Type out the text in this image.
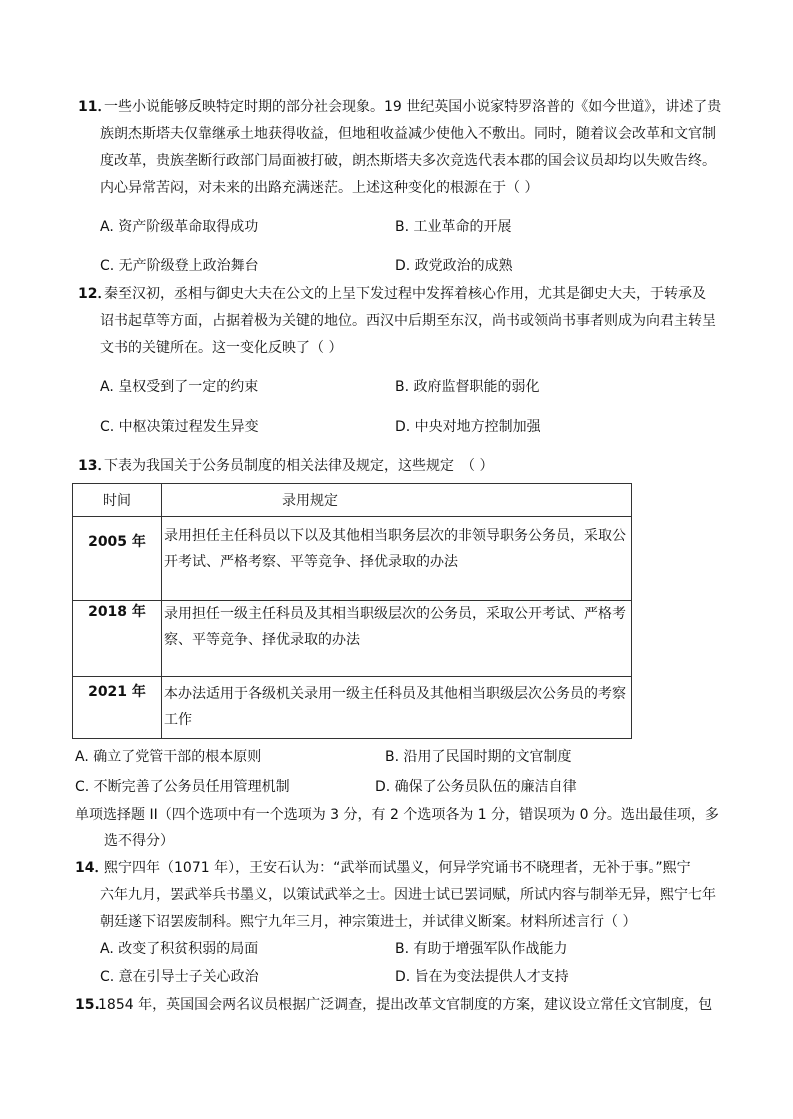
11．
一些小说能够反映特定时期的部分社会现象。19 世纪英国小说家特罗洛普的《如今世道》，讲述了贵
族朗杰斯塔夫仅靠继承土地获得收益，但地租收益减少使他入不敷出。同时，随着议会改革和文官制
度改革，贵族垄断行政部门局面被打破，朗杰斯塔夫多次竞选代表本郡的国会议员却均以失败告终。
内心异常苦闷，对未来的出路充满迷茫。上述这种变化的根源在于（ ）
A. 资产阶级革命取得成功	B. 工业革命的开展
C. 无产阶级登上政治舞台	D. 政党政治的成熟
12．
秦至汉初，丞相与御史大夫在公文的上呈下发过程中发挥着核心作用，尤其是御史大夫，于转承及
诏书起草等方面，占据着极为关键的地位。西汉中后期至东汉，尚书或领尚书事者则成为向君主转呈
文书的关键所在。这一变化反映了（ ）
A. 皇权受到了一定的约束	B. 政府监督职能的弱化
C. 中枢决策过程发生异变	D. 中央对地方控制加强
13．
下表为我国关于公务员制度的相关法律及规定，这些规定　（ ）
时间	录用规定

2005 年	录用担任主任科员以下以及其他相当职务层次的非领导职务公务员，采取公开考试、严格考察、平等竞争、择优录取的办法

2018 年	录用担任一级主任科员及其相当职级层次的公务员，采取公开考试、严格考察、平等竞争、择优录取的办法

2021 年	本办法适用于各级机关录用一级主任科员及其他相当职级层次公务员的考察工作
A. 确立了党管干部的根本原则	B. 沿用了民国时期的文官制度
C. 不断完善了公务员任用管理机制	D. 确保了公务员队伍的廉洁自律
单项选择题 II（四个选项中有一个选项为 3 分，有 2 个选项各为 1 分，错误项为 0 分。选出最佳项，多
选不得分）
14．
熙宁四年（1071 年），王安石认为：“武举而试墨义，何异学究诵书不晓理者，无补于事。”熙宁
六年九月，罢武举兵书墨义，以策试武举之士。因进士试已罢词赋，所试内容与制举无异，熙宁七年
朝廷遂下诏罢废制科。熙宁九年三月，神宗策进士，并试律义断案。材料所述言行（ ）
A. 改变了积贫积弱的局面	B. 有助于增强军队作战能力
C. 意在引导士子关心政治	D. 旨在为变法提供人才支持
15.
1854 年，英国国会两名议员根据广泛调查，提出改革文官制度的方案，建议设立常任文官制度，包
